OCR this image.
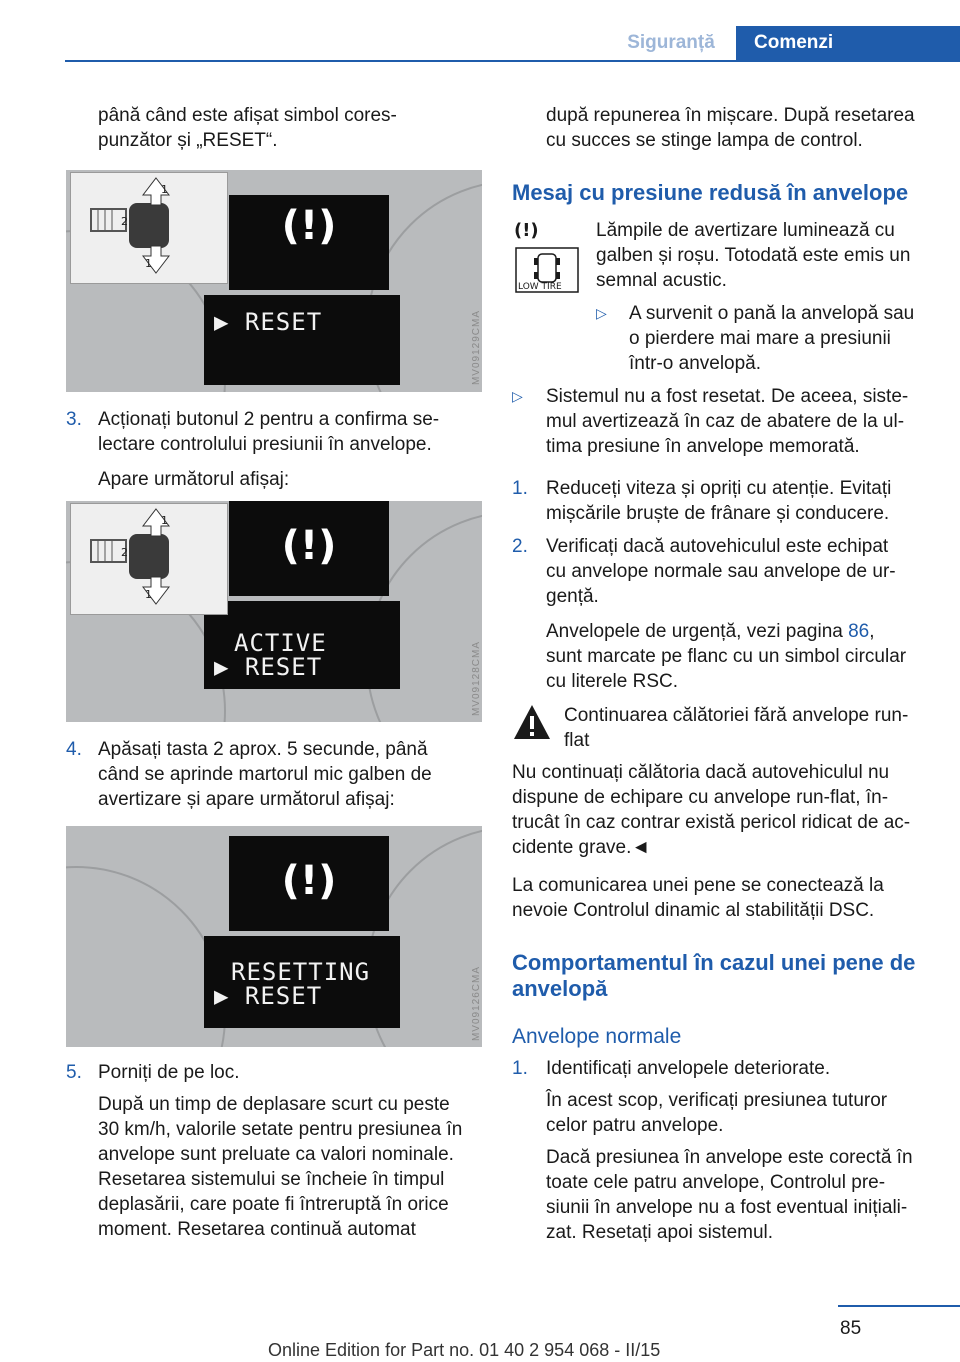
Siguranță	Comenzi
până când este afișat simbol cores-
punzător și „RESET“.
(!)
▶ RESET
2
1
1
MV09129CMA
3. Acționați butonul 2 pentru a confirma se-
lectare controlului presiunii în anvelope.
Apare următorul afișaj:
(!)
ACTIVE
▶ RESET
2
1
1
MV09128CMA
4. Apăsați tasta 2 aprox. 5 secunde, până
când se aprinde martorul mic galben de
avertizare și apare următorul afișaj:
(!)
RESETTING
▶ RESET	MV09126CMA
5. Porniți de pe loc.
După un timp de deplasare scurt cu peste
30 km/h, valorile setate pentru presiunea în
anvelope sunt preluate ca valori nominale.
Resetarea sistemului se încheie în timpul
deplasării, care poate fi întreruptă în orice
moment. Resetarea continuă automat
după repunerea în mișcare. După resetarea
cu succes se stinge lampa de control.
Mesaj cu presiune redusă în anvelope
(!)
LOW TIRE
Lămpile de avertizare luminează cu
galben și roșu. Totodată este emis un
semnal acustic.
▷ A survenit o pană la anvelopă sau
o pierdere mai mare a presiunii
într-o anvelopă.
▷ Sistemul nu a fost resetat. De aceea, siste-
mul avertizează în caz de abatere de la ul-
tima presiune în anvelope memorată.
1. Reduceți viteza și opriți cu atenție. Evitați
mișcările bruște de frânare și conducere.
2. Verificați dacă autovehiculul este echipat
cu anvelope normale sau anvelope de ur-
gență.
Anvelopele de urgență, vezi pagina 86,
sunt marcate pe flanc cu un simbol circular
cu literele RSC.
Continuarea călătoriei fără anvelope run-
flat
Nu continuați călătoria dacă autovehiculul nu
dispune de echipare cu anvelope run-flat, în-
trucât în caz contrar există pericol ridicat de ac-
cidente grave.◄
La comunicarea unei pene se conectează la
nevoie Controlul dinamic al stabilității DSC.
Comportamentul în cazul unei pene de
anvelopă
Anvelope normale
1. Identificați anvelopele deteriorate.
În acest scop, verificați presiunea tuturor
celor patru anvelope.
Dacă presiunea în anvelope este corectă în
toate cele patru anvelope, Controlul pre-
siunii în anvelope nu a fost eventual inițiali-
zat. Resetați apoi sistemul.
85
Online Edition for Part no. 01 40 2 954 068 - II/15
